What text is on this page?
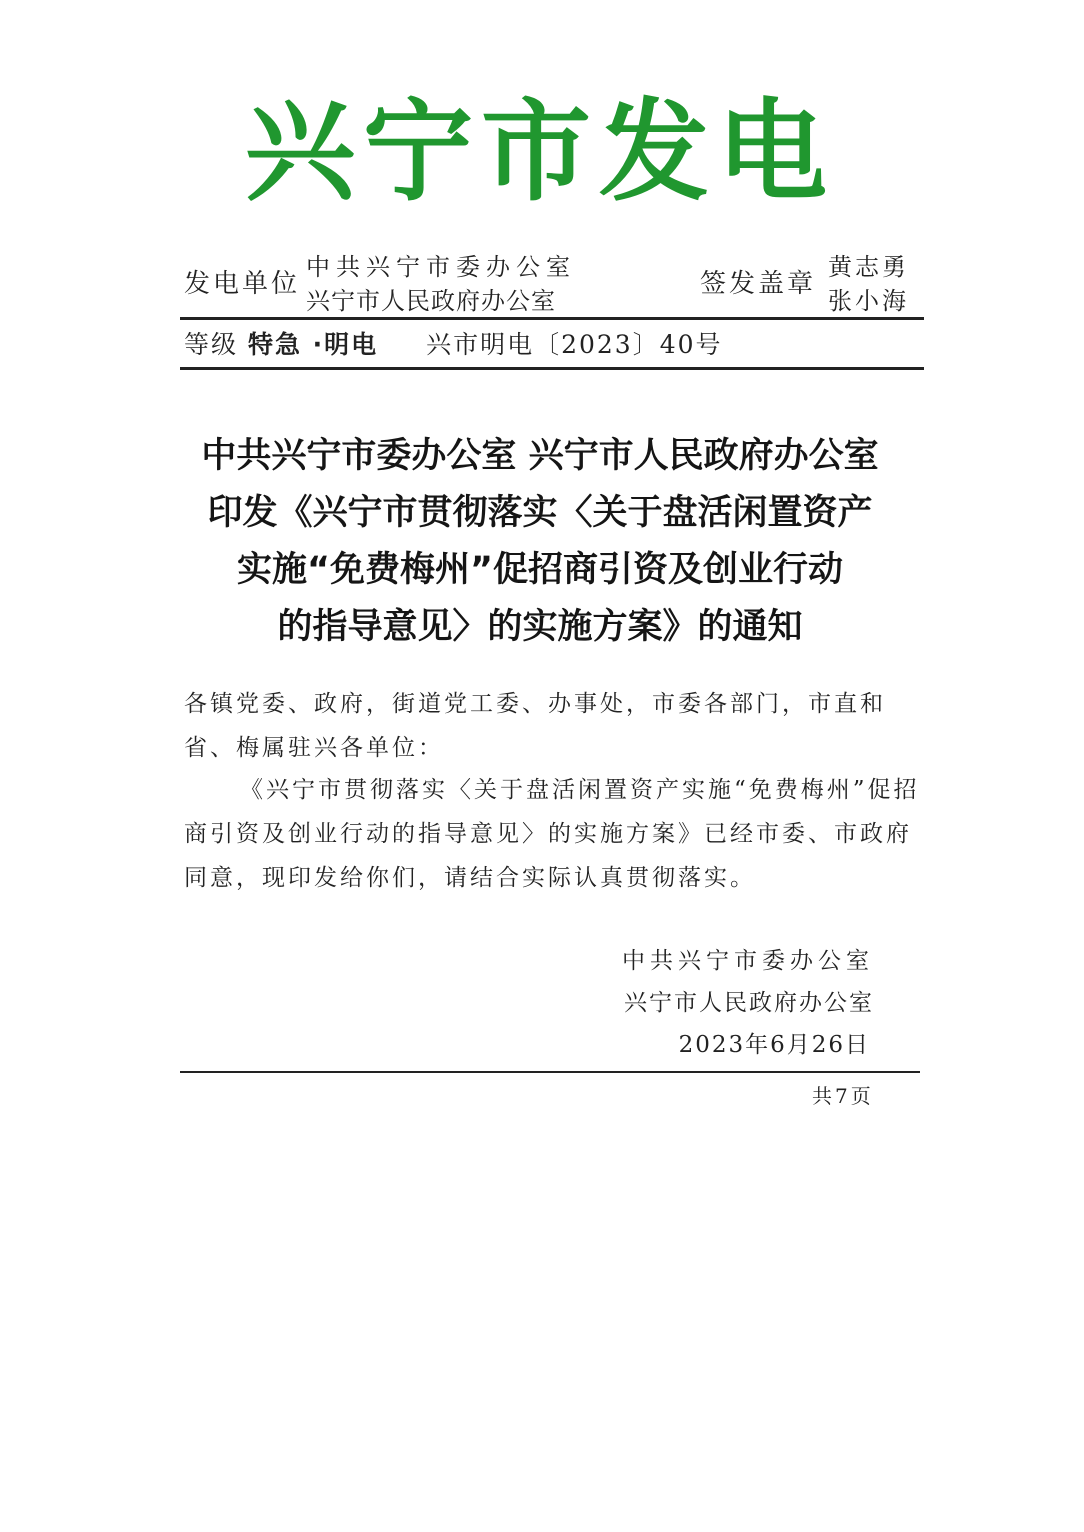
兴宁市发电
发电单位
中共兴宁市委办公室
兴宁市人民政府办公室
签发盖章
黄志勇
张小海
等级 特急 ·明电 兴市明电〔2023〕40号
中共兴宁市委办公室 兴宁市人民政府办公室
印发《兴宁市贯彻落实〈关于盘活闲置资产
实施“免费梅州”促招商引资及创业行动
的指导意见〉的实施方案》的通知
各镇党委、政府，街道党工委、办事处，市委各部门，市直和省、梅属驻兴各单位：
《兴宁市贯彻落实〈关于盘活闲置资产实施“免费梅州”促招商引资及创业行动的指导意见〉的实施方案》已经市委、市政府同意，现印发给你们，请结合实际认真贯彻落实。
中共兴宁市委办公室
兴宁市人民政府办公室
2023年6月26日
共7页
